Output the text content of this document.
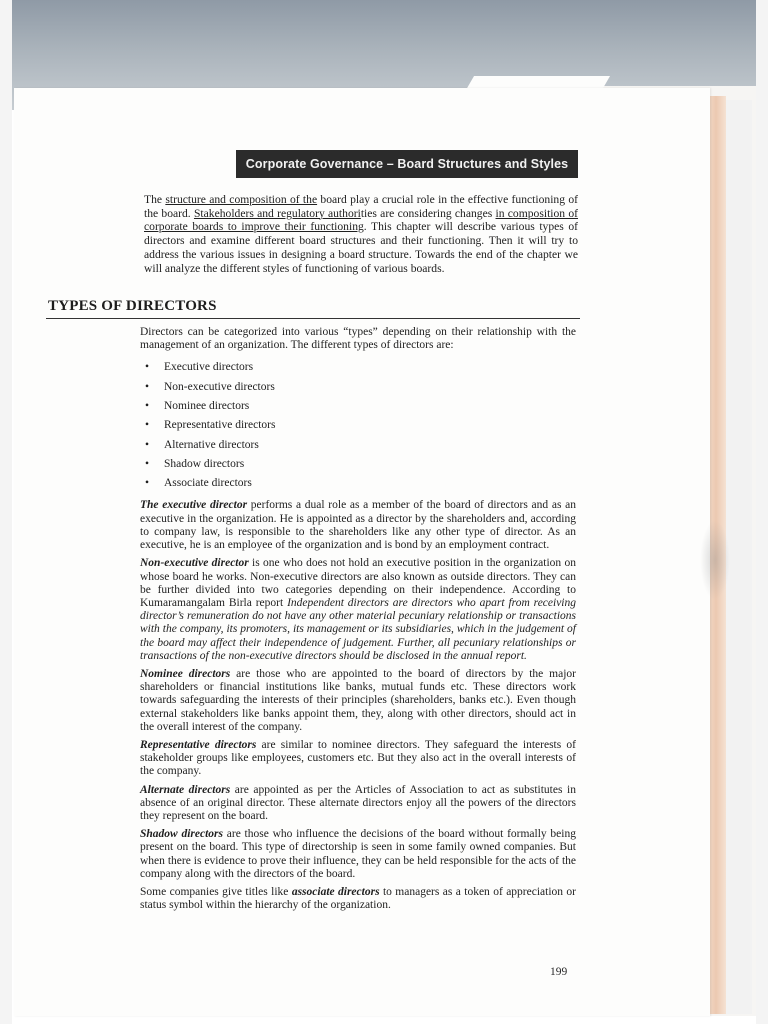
Corporate Governance – Board Structures and Styles
The structure and composition of the board play a crucial role in the effective functioning of the board. Stakeholders and regulatory authorities are considering changes in composition of corporate boards to improve their functioning. This chapter will describe various types of directors and examine different board structures and their functioning. Then it will try to address the various issues in designing a board structure. Towards the end of the chapter we will analyze the different styles of functioning of various boards.
TYPES OF DIRECTORS

Directors can be categorized into various “types” depending on their relationship with the management of an organization. The different types of directors are:

• Executive directors
• Non-executive directors
• Nominee directors
• Representative directors
• Alternative directors
• Shadow directors
• Associate directors

The executive director performs a dual role as a member of the board of directors and as an executive in the organization. He is appointed as a director by the shareholders and, according to company law, is responsible to the shareholders like any other type of director. As an executive, he is an employee of the organization and is bond by an employment contract.

Non-executive director is one who does not hold an executive position in the organization on whose board he works. Non-executive directors are also known as outside directors. They can be further divided into two categories depending on their independence. According to Kumaramangalam Birla report Independent directors are directors who apart from receiving director’s remuneration do not have any other material pecuniary relationship or transactions with the company, its promoters, its management or its subsidiaries, which in the judgement of the board may affect their independence of judgement. Further, all pecuniary relationships or transactions of the non-executive directors should be disclosed in the annual report.

Nominee directors are those who are appointed to the board of directors by the major shareholders or financial institutions like banks, mutual funds etc. These directors work towards safeguarding the interests of their principles (shareholders, banks etc.). Even though external stakeholders like banks appoint them, they, along with other directors, should act in the overall interest of the company.

Representative directors are similar to nominee directors. They safeguard the interests of stakeholder groups like employees, customers etc. But they also act in the overall interests of the company.

Alternate directors are appointed as per the Articles of Association to act as substitutes in absence of an original director. These alternate directors enjoy all the powers of the directors they represent on the board.

Shadow directors are those who influence the decisions of the board without formally being present on the board. This type of directorship is seen in some family owned companies. But when there is evidence to prove their influence, they can be held responsible for the acts of the company along with the directors of the board.

Some companies give titles like associate directors to managers as a token of appreciation or status symbol within the hierarchy of the organization.

199
